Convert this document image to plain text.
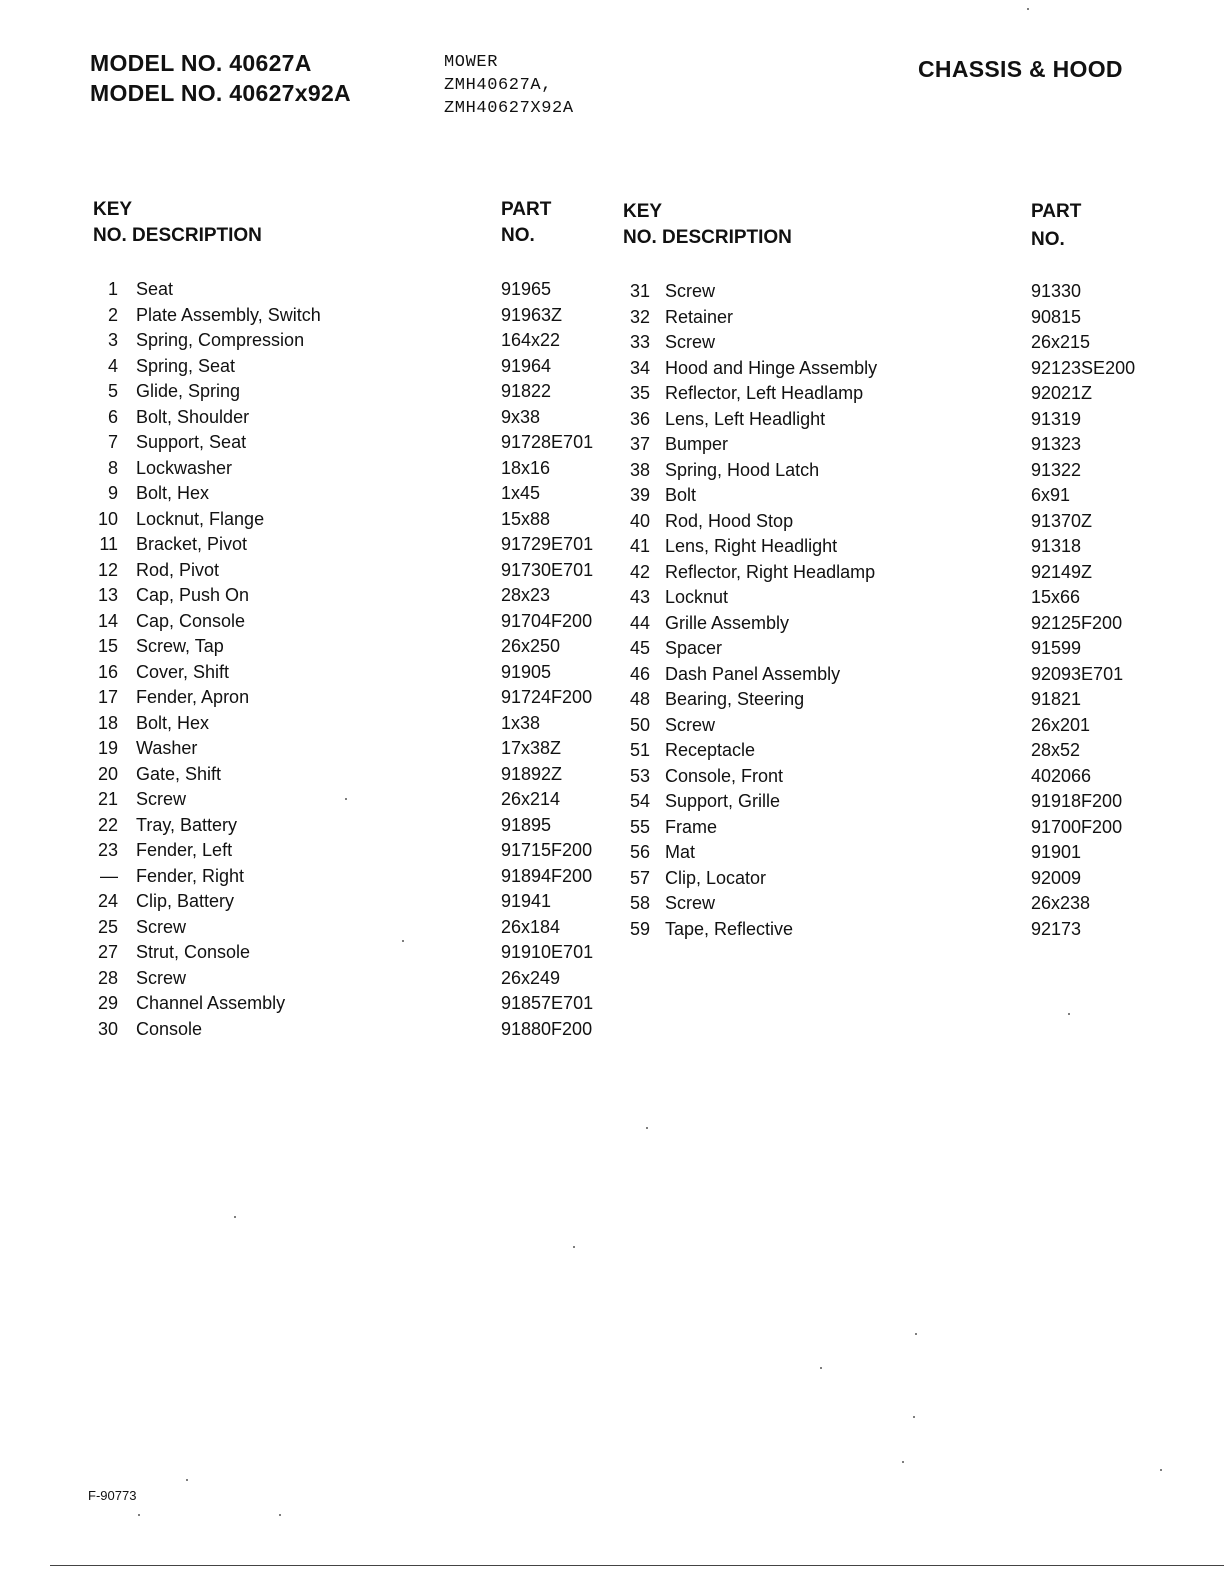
MODEL NO. 40627A
MODEL NO. 40627x92A
MOWER
ZMH40627A,
ZMH40627X92A
CHASSIS & HOOD
KEY
NO. DESCRIPTION
PART
NO.
KEY
NO. DESCRIPTION
PART
NO.
1 Seat	91965
2 Plate Assembly, Switch	91963Z
3 Spring, Compression	164x22
4 Spring, Seat	91964
5 Glide, Spring	91822
6 Bolt, Shoulder	9x38
7 Support, Seat	91728E701
8 Lockwasher	18x16
9 Bolt, Hex	1x45
10 Locknut, Flange	15x88
11 Bracket, Pivot	91729E701
12 Rod, Pivot	91730E701
13 Cap, Push On	28x23
14 Cap, Console	91704F200
15 Screw, Tap	26x250
16 Cover, Shift	91905
17 Fender, Apron	91724F200
18 Bolt, Hex	1x38
19 Washer	17x38Z
20 Gate, Shift	91892Z
21 Screw	26x214
22 Tray, Battery	91895
23 Fender, Left	91715F200
— Fender, Right	91894F200
24 Clip, Battery	91941
25 Screw	26x184
27 Strut, Console	91910E701
28 Screw	26x249
29 Channel Assembly	91857E701
30 Console	91880F200
31 Screw	91330
32 Retainer	90815
33 Screw	26x215
34 Hood and Hinge Assembly	92123SE200
35 Reflector, Left Headlamp	92021Z
36 Lens, Left Headlight	91319
37 Bumper	91323
38 Spring, Hood Latch	91322
39 Bolt	6x91
40 Rod, Hood Stop	91370Z
41 Lens, Right Headlight	91318
42 Reflector, Right Headlamp	92149Z
43 Locknut	15x66
44 Grille Assembly	92125F200
45 Spacer	91599
46 Dash Panel Assembly	92093E701
48 Bearing, Steering	91821
50 Screw	26x201
51 Receptacle	28x52
53 Console, Front	402066
54 Support, Grille	91918F200
55 Frame	91700F200
56 Mat	91901
57 Clip, Locator	92009
58 Screw	26x238
59 Tape, Reflective	92173
F-90773
